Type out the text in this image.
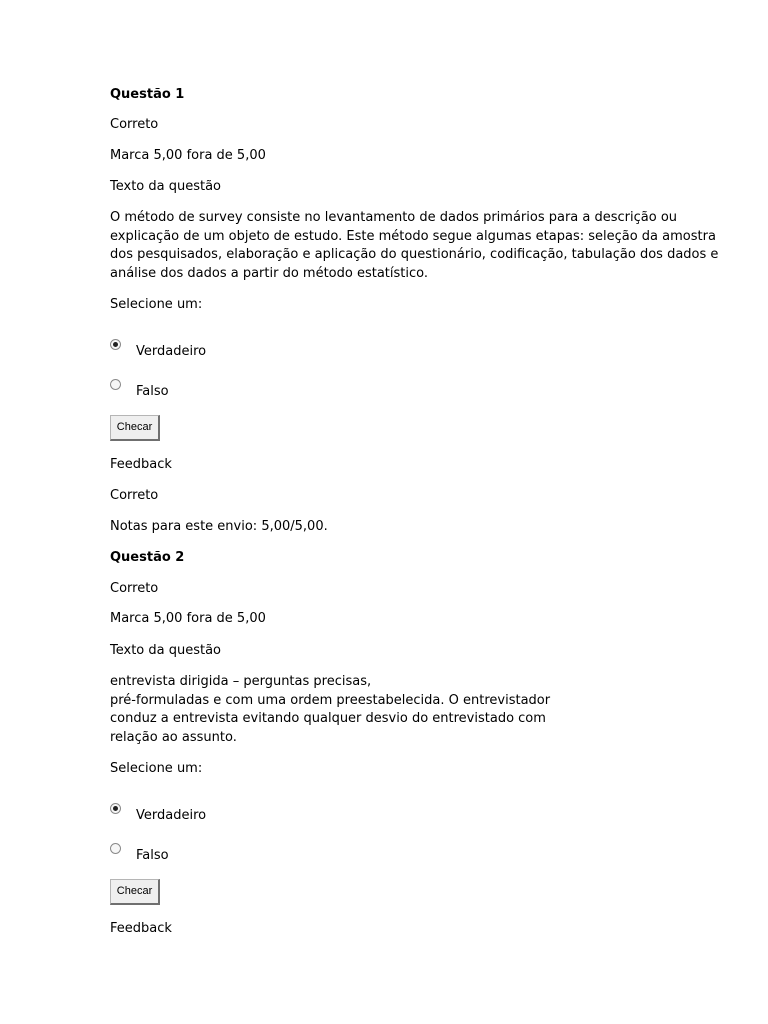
Questão 1
Correto
Marca 5,00 fora de 5,00
Texto da questão
O método de survey consiste no levantamento de dados primários para a descrição ou
explicação de um objeto de estudo. Este método segue algumas etapas: seleção da amostra
dos pesquisados, elaboração e aplicação do questionário, codificação, tabulação dos dados e
análise dos dados a partir do método estatístico.
Selecione um:
Verdadeiro
Falso
Checar
Feedback
Correto
Notas para este envio: 5,00/5,00.
Questão 2
Correto
Marca 5,00 fora de 5,00
Texto da questão
entrevista dirigida – perguntas precisas,
pré-formuladas e com uma ordem preestabelecida. O entrevistador
conduz a entrevista evitando qualquer desvio do entrevistado com
relação ao assunto.
Selecione um:
Verdadeiro
Falso
Checar
Feedback
